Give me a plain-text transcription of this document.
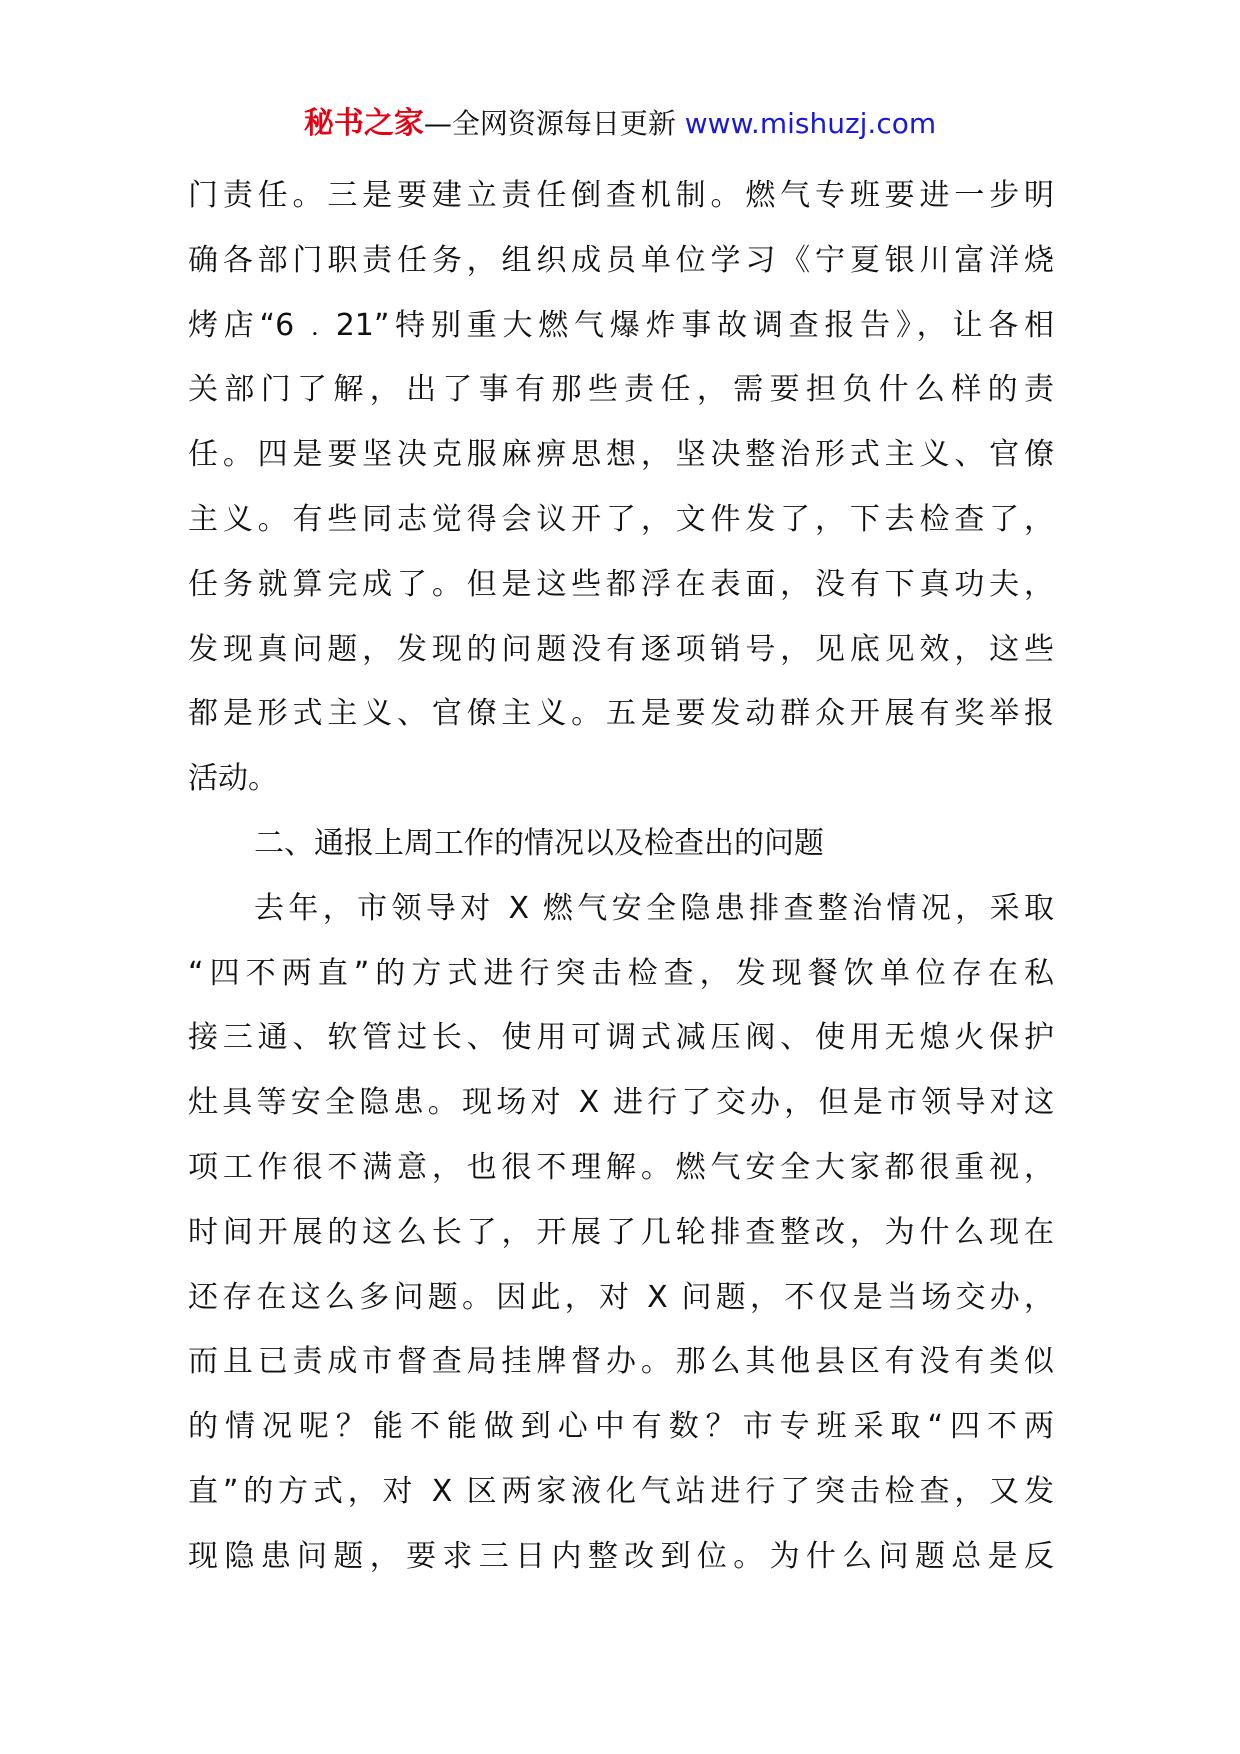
秘书之家—全网资源每日更新 www.mishuzj.com
门责任。三是要建立责任倒查机制。燃气专班要进一步明
确各部门职责任务，组织成员单位学习《宁夏银川富洋烧
烤店“6﹒21”特别重大燃气爆炸事故调查报告》，让各相
关部门了解，出了事有那些责任，需要担负什么样的责
任。四是要坚决克服麻痹思想，坚决整治形式主义、官僚
主义。有些同志觉得会议开了，文件发了，下去检查了，
任务就算完成了。但是这些都浮在表面，没有下真功夫，
发现真问题，发现的问题没有逐项销号，见底见效，这些
都是形式主义、官僚主义。五是要发动群众开展有奖举报
活动。
二、通报上周工作的情况以及检查出的问题
去年，市领导对 X 燃气安全隐患排查整治情况，采取
“四不两直”的方式进行突击检查，发现餐饮单位存在私
接三通、软管过长、使用可调式减压阀、使用无熄火保护
灶具等安全隐患。现场对 X 进行了交办，但是市领导对这
项工作很不满意，也很不理解。燃气安全大家都很重视，
时间开展的这么长了，开展了几轮排查整改，为什么现在
还存在这么多问题。因此，对 X 问题，不仅是当场交办，
而且已责成市督查局挂牌督办。那么其他县区有没有类似
的情况呢？能不能做到心中有数？市专班采取“四不两
直”的方式，对 X 区两家液化气站进行了突击检查，又发
现隐患问题，要求三日内整改到位。为什么问题总是反
